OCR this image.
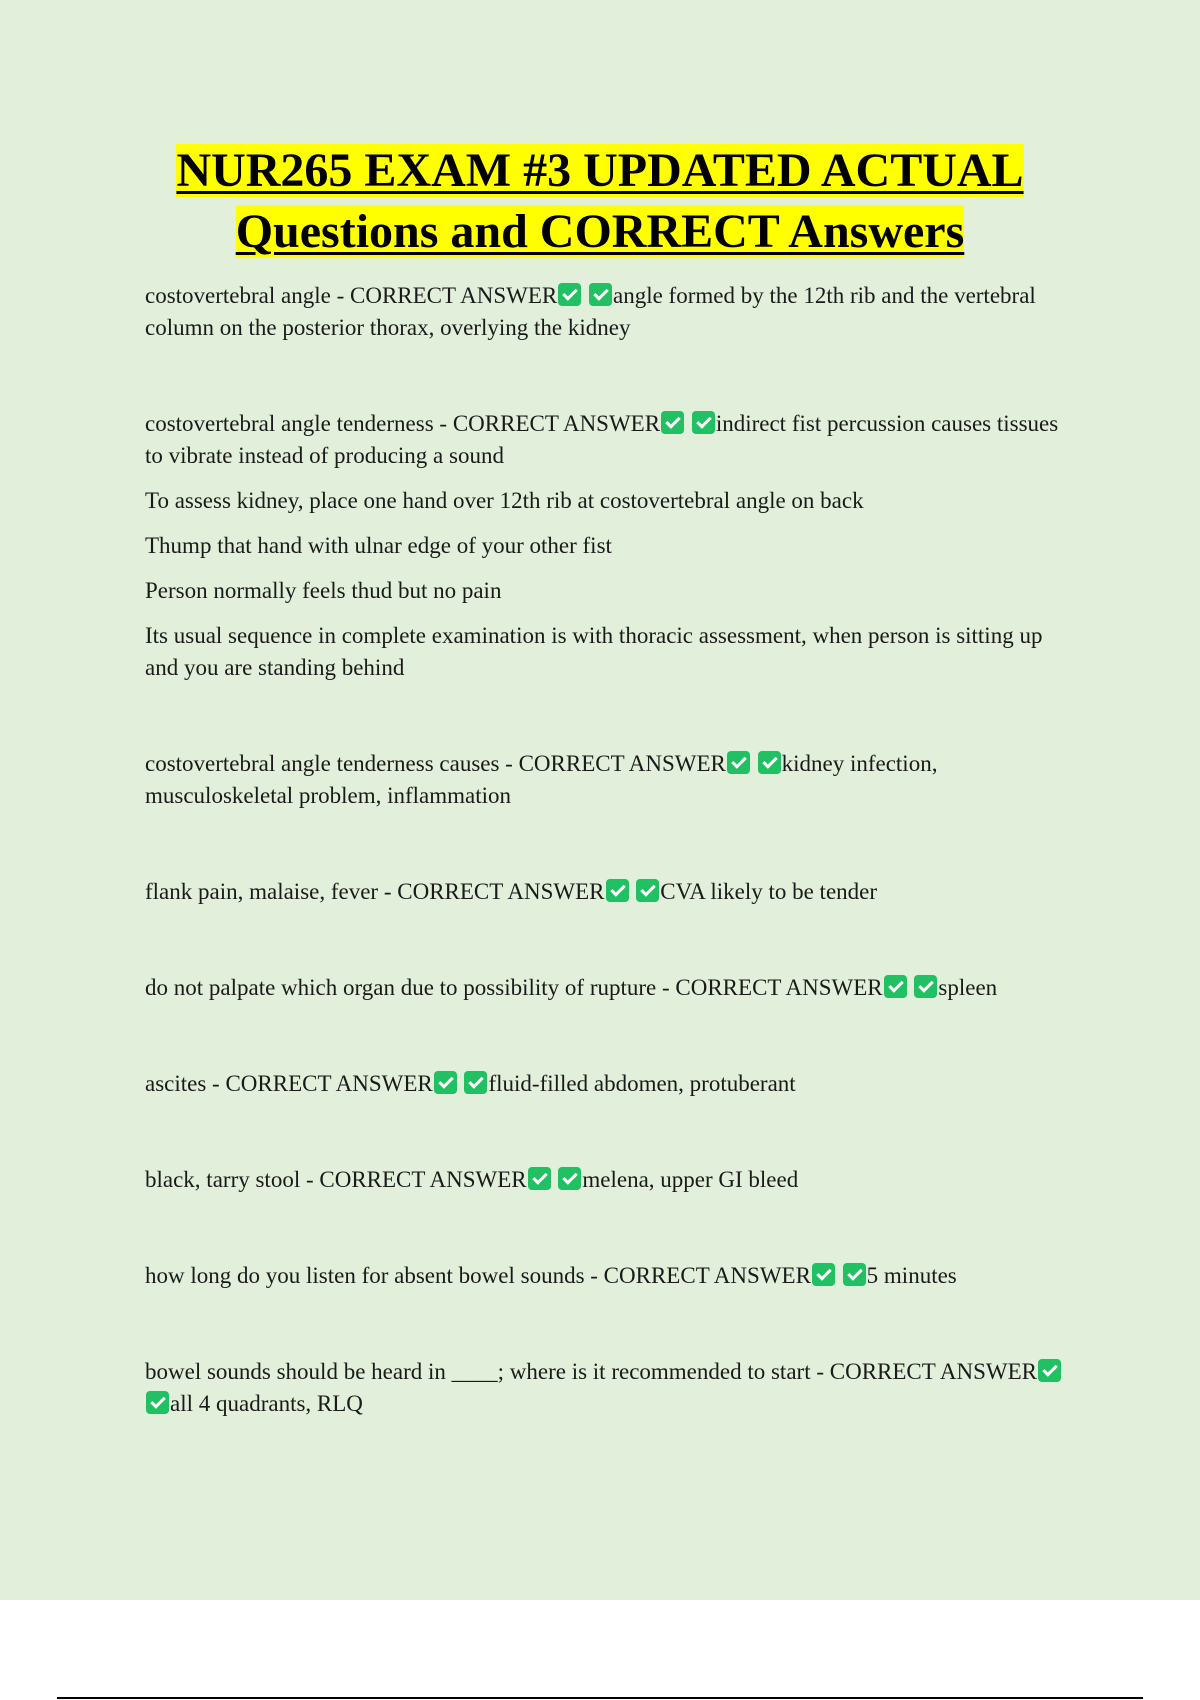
NUR265 EXAM #3 UPDATED ACTUAL
Questions and CORRECT Answers

costovertebral angle - CORRECT ANSWER angle formed by the 12th rib and the vertebral column on the posterior thorax, overlying the kidney

costovertebral angle tenderness - CORRECT ANSWER indirect fist percussion causes tissues to vibrate instead of producing a sound

To assess kidney, place one hand over 12th rib at costovertebral angle on back

Thump that hand with ulnar edge of your other fist

Person normally feels thud but no pain

Its usual sequence in complete examination is with thoracic assessment, when person is sitting up and you are standing behind

costovertebral angle tenderness causes - CORRECT ANSWER kidney infection, musculoskeletal problem, inflammation

flank pain, malaise, fever - CORRECT ANSWER CVA likely to be tender

do not palpate which organ due to possibility of rupture - CORRECT ANSWER spleen

ascites - CORRECT ANSWER fluid-filled abdomen, protuberant

black, tarry stool - CORRECT ANSWER melena, upper GI bleed

how long do you listen for absent bowel sounds - CORRECT ANSWER 5 minutes

bowel sounds should be heard in ____; where is it recommended to start - CORRECT ANSWER all 4 quadrants, RLQ
